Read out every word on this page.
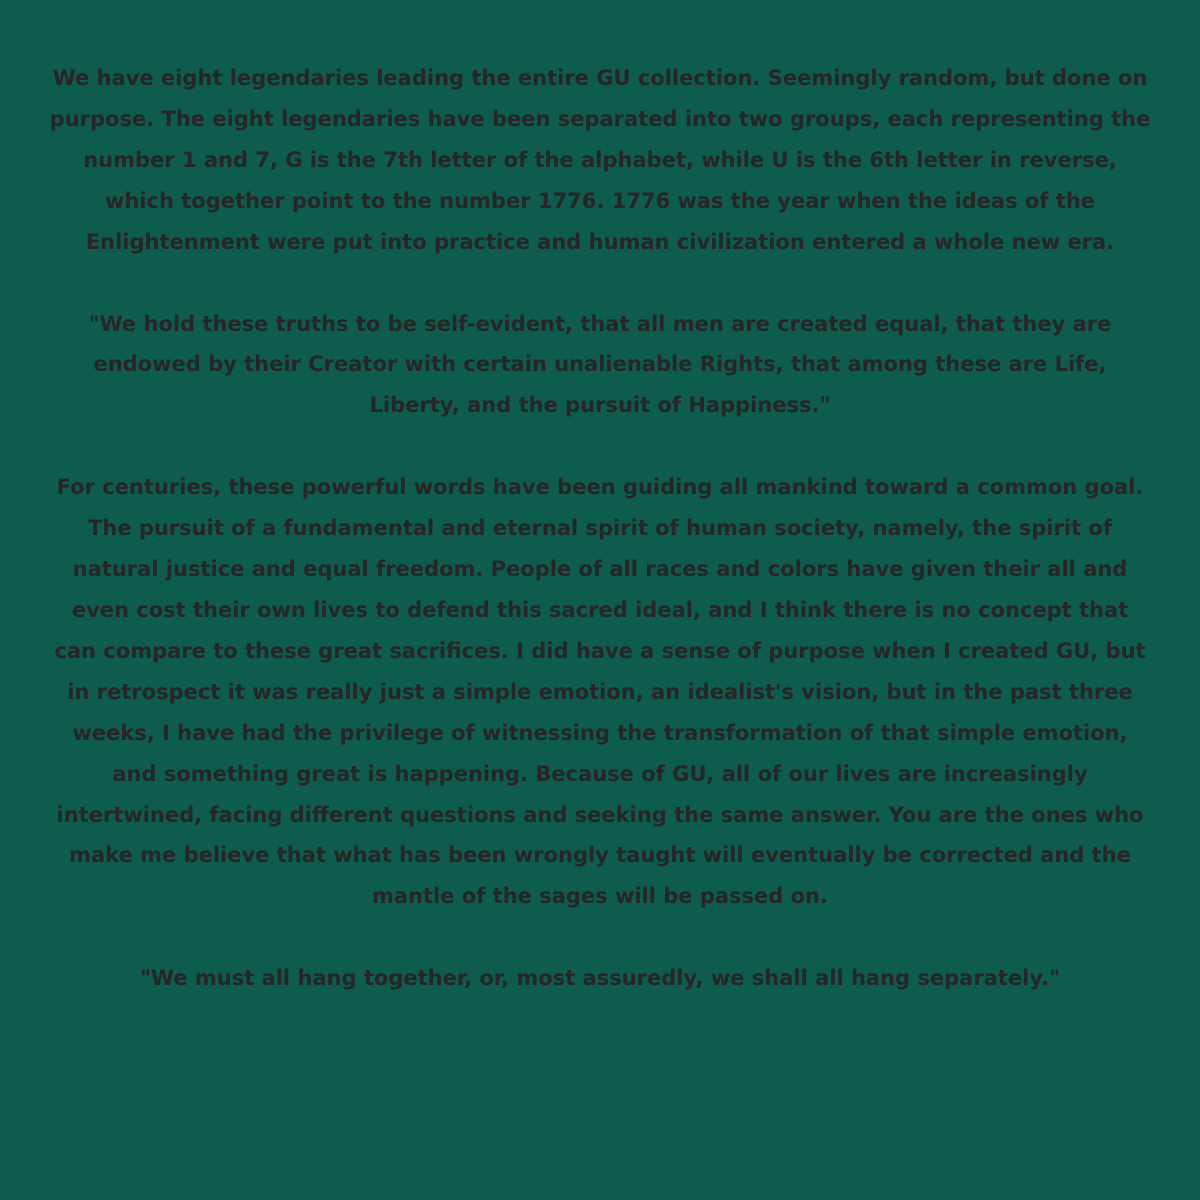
We have eight legendaries leading the entire GU collection. Seemingly random, but done on purpose. The eight legendaries have been separated into two groups, each representing the number 1 and 7, G is the 7th letter of the alphabet, while U is the 6th letter in reverse, which together point to the number 1776. 1776 was the year when the ideas of the Enlightenment were put into practice and human civilization entered a whole new era.

"We hold these truths to be self-evident, that all men are created equal, that they are endowed by their Creator with certain unalienable Rights, that among these are Life, Liberty, and the pursuit of Happiness."

For centuries, these powerful words have been guiding all mankind toward a common goal. The pursuit of a fundamental and eternal spirit of human society, namely, the spirit of natural justice and equal freedom. People of all races and colors have given their all and even cost their own lives to defend this sacred ideal, and I think there is no concept that can compare to these great sacrifices. I did have a sense of purpose when I created GU, but in retrospect it was really just a simple emotion, an idealist's vision, but in the past three weeks, I have had the privilege of witnessing the transformation of that simple emotion, and something great is happening. Because of GU, all of our lives are increasingly intertwined, facing different questions and seeking the same answer. You are the ones who make me believe that what has been wrongly taught will eventually be corrected and the mantle of the sages will be passed on.

"We must all hang together, or, most assuredly, we shall all hang separately."
